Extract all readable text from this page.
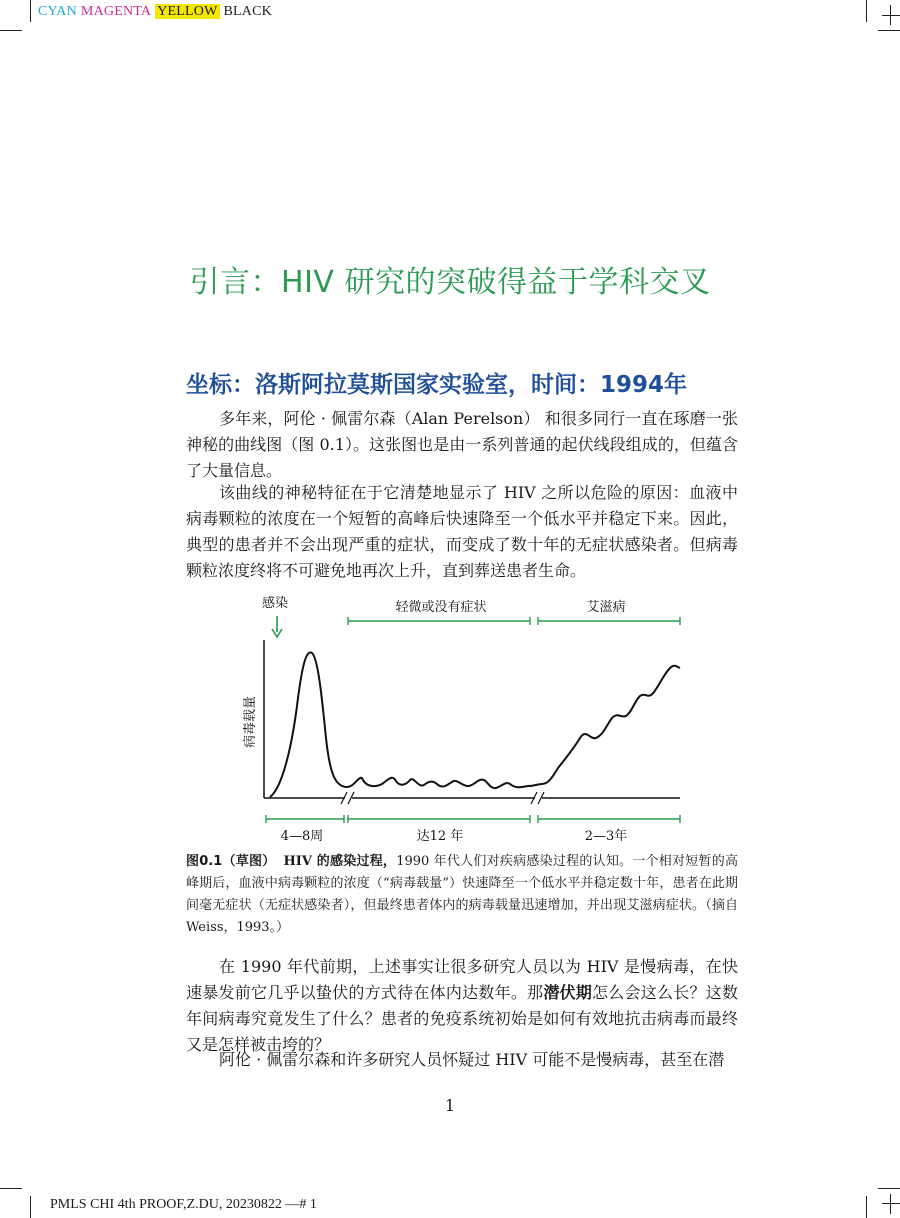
CYAN MAGENTA YELLOW BLACK
引言：HIV 研究的突破得益于学科交叉
坐标：洛斯阿拉莫斯国家实验室，时间：1994年
多年来，阿伦 · 佩雷尔森（Alan Perelson） 和很多同行一直在琢磨一张神秘的曲线图（图 0.1）。这张图也是由一系列普通的起伏线段组成的，但蕴含了大量信息。
该曲线的神秘特征在于它清楚地显示了 HIV 之所以危险的原因：血液中病毒颗粒的浓度在一个短暂的高峰后快速降至一个低水平并稳定下来。因此，典型的患者并不会出现严重的症状，而变成了数十年的无症状感染者。但病毒颗粒浓度终将不可避免地再次上升，直到葬送患者生命。
感染	轻微或没有症状	艾滋病
病毒载量
4—8周	达12 年	2—3年
图0.1（草图） HIV 的感染过程，1990 年代人们对疾病感染过程的认知。一个相对短暂的高峰期后，血液中病毒颗粒的浓度（“病毒载量”）快速降至一个低水平并稳定数十年，患者在此期间毫无症状（无症状感染者），但最终患者体内的病毒载量迅速增加，并出现艾滋病症状。（摘自 Weiss，1993。）
在 1990 年代前期，上述事实让很多研究人员以为 HIV 是慢病毒，在快速暴发前它几乎以蛰伏的方式待在体内达数年。那潜伏期怎么会这么长？这数年间病毒究竟发生了什么？患者的免疫系统初始是如何有效地抗击病毒而最终又是怎样被击垮的？
阿伦 · 佩雷尔森和许多研究人员怀疑过 HIV 可能不是慢病毒，甚至在潜
1
PMLS CHI 4th PROOF,Z.DU, 20230822 —# 1
